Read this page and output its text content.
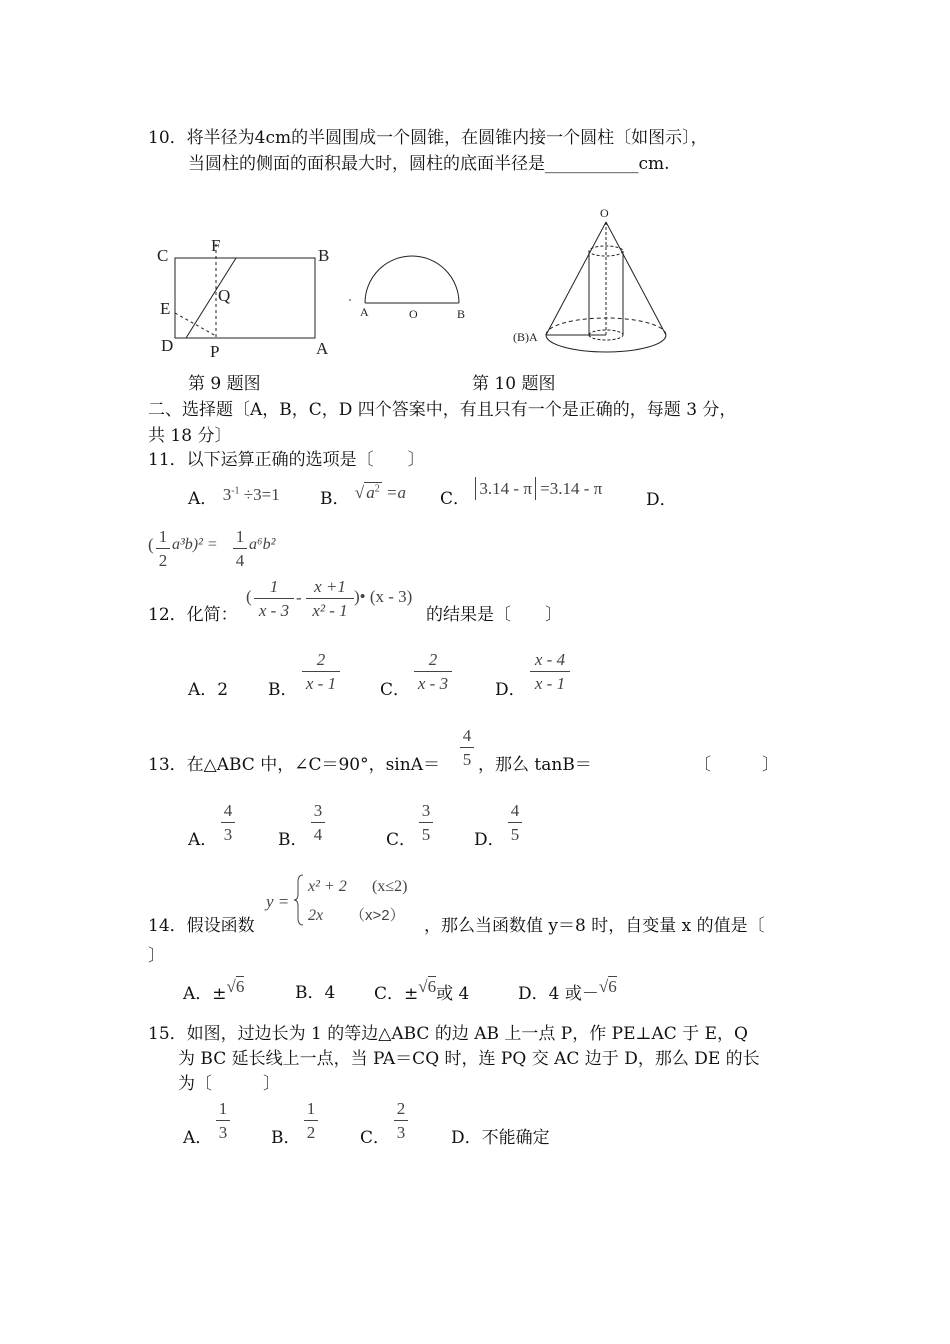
10．将半径为4cm的半圆围成一个圆锥，在圆锥内接一个圆柱〔如图示〕，
当圆柱的侧面的面积最大时，圆柱的底面半径是___________cm.
C
F
B
E
Q
D P	A
A	O	B
O
(B)A
第 9 题图	第 10 题图
二、选择题〔A，B，C，D 四个答案中，有且只有一个是正确的，每题 3 分，
共 18 分〕
11．以下运算正确的选项是〔　　〕
A． $3^{-1} \div 3=1$ B． √ $a^2 =a$ C． 3.14 - π =3.14 - π
D．
( 1
2
a³b)² = 1
4
a⁶b²
12．化简：
(
1
x - 3
-
x +1
x² - 1
)• (x - 3)
的结果是〔　　〕
A．2 B．
2
x - 1	C．
2
x - 3	D．
x - 4
x - 1
13．在△ABC 中，∠C＝90°，sinA＝
4
5 ，那么 tanB＝	〔　　　〕
A．
4
3	B．
3
4	C．
3
5	D．
4
5
14．假设函数
y =
x² + 2 (x≤2)
2x （x>2）
，那么当函数值 y＝8 时，自变量 x 的值是〔
〕
A．±√6	B．4 C．±√6或 4	D．4 或－√6
15．如图，过边长为 1 的等边△ABC 的边 AB 上一点 P，作 PE⊥AC 于 E，Q
为 BC 延长线上一点，当 PA＝CQ 时，连 PQ 交 AC 边于 D，那么 DE 的长
为〔　　　〕
A．
1
3	B．
1
2	C．
2
3	D．不能确定
